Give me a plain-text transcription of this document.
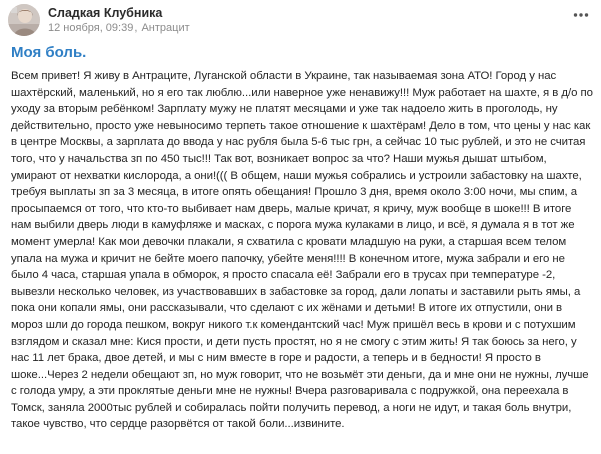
Сладкая Клубника
12 ноября, 09:39, Антрацит
Моя боль.

Всем привет! Я живу в Антраците, Луганской области в Украине, так называемая зона АТО! Город у нас шахтёрский, маленький, но я его так люблю...или наверное уже ненавижу!!! Муж работает на шахте, я в д/о по уходу за вторым ребёнком! Зарплату мужу не платят месяцами и уже так надоело жить в проголодь, ну действительно, просто уже невыносимо терпеть такое отношение к шахтёрам! Дело в том, что цены у нас как в центре Москвы, а зарплата до ввода у нас рубля была 5-6 тыс грн, а сейчас 10 тыс рублей, и это не считая того, что у начальства зп по 450 тыс!!! Так вот, возникает вопрос за что? Наши мужья дышат штыбом, умирают от нехватки кислорода, а они!((( В общем, наши мужья собрались и устроили забастовку на шахте, требуя выплаты зп за 3 месяца, в итоге опять обещания! Прошло 3 дня, время около 3:00 ночи, мы спим, а просыпаемся от того, что кто-то выбивает нам дверь, малые кричат, я кричу, муж вообще в шоке!!! В итоге нам выбили дверь люди в камуфляже и масках, с порога мужа кулаками в лицо, и всё, я думала я в тот же момент умерла! Как мои девочки плакали, я схватила с кровати младшую на руки, а старшая всем телом упала на мужа и кричит не бейте моего папочку, убейте меня!!!! В конечном итоге, мужа забрали и его не было 4 часа, старшая упала в обморок, я просто спасала её! Забрали его в трусах при температуре -2, вывезли несколько человек, из участвовавших в забастовке за город, дали лопаты и заставили рыть ямы, а пока они копали ямы, они рассказывали, что сделают с их жёнами и детьми! В итоге их отпустили, они в мороз шли до города пешком, вокруг никого т.к комендантский час! Муж пришёл весь в крови и с потухшим взглядом и сказал мне: Кися прости, и дети пусть простят, но я не смогу с этим жить! Я так боюсь за него, у нас 11 лет брака, двое детей, и мы с ним вместе в горе и радости, а теперь и в бедности! Я просто в шоке...Через 2 недели обещают зп, но муж говорит, что не возьмёт эти деньги, да и мне они не нужны, лучше с голода умру, а эти проклятые деньги мне не нужны! Вчера разговаривала с подружкой, она переехала в Томск, заняла 2000тыс рублей и собиралась пойти получить перевод, а ноги не идут, и такая боль внутри, такое чувство, что сердце разорвётся от такой боли...извините.
